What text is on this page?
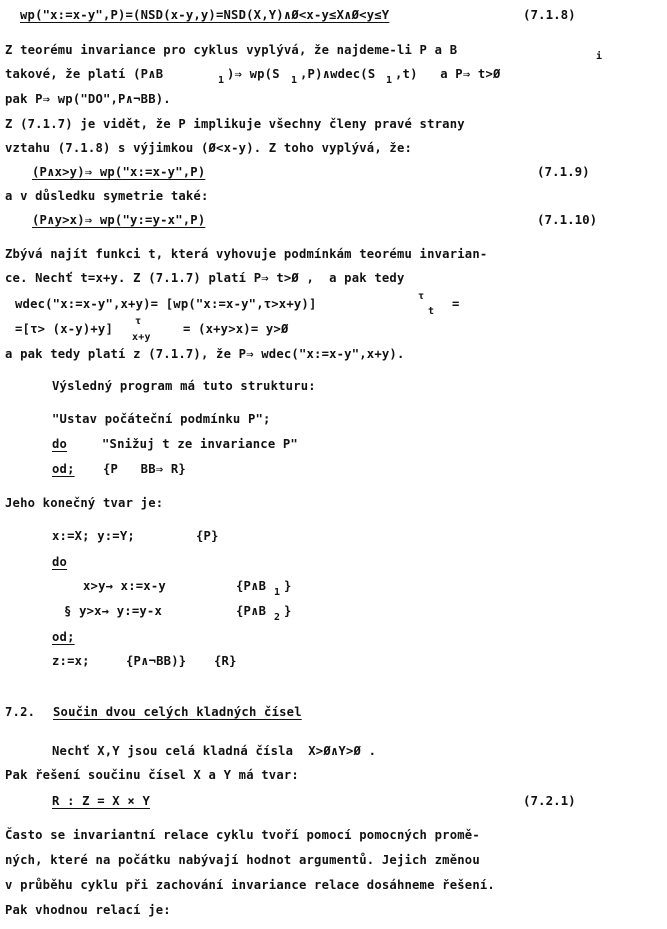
wp("x:=x-y",P)=(NSD(x-y,y)=NSD(X,Y)∧Ø<x-y≤X∧Ø<y≤Y	(7.1.8)
Z teorému invariance pro cyklus vyplývá, že najdeme-li P a B	i
takové, že platí (P∧B	1 )⇒ wp(S 1 ,P)∧wdec(S 1 ,t)   a P⇒ t>Ø
pak P⇒ wp("DO",P∧¬BB).
Z (7.1.7) je vidět, že P implikuje všechny členy pravé strany
vztahu (7.1.8) s výjimkou (Ø<x-y). Z toho vyplývá, že:
(P∧x>y)⇒ wp("x:=x-y",P)	(7.1.9)
a v důsledku symetrie také:
(P∧y>x)⇒ wp("y:=y-x",P)	(7.1.10)
Zbývá najít funkci t, která vyhovuje podmínkám teorému invarian-
ce. Nechť t=x+y. Z (7.1.7) platí P⇒ t>Ø ,  a pak tedy
wdec("x:=x-y",x+y)= [wp("x:=x-y",τ>x+y)]
τ
t
=
=[τ> (x-y)+y]
τ
x+y
= (x+y>x)= y>Ø
a pak tedy platí z (7.1.7), že P⇒ wdec("x:=x-y",x+y).
Výsledný program má tuto strukturu:
"Ustav počáteční podmínku P";
do	"Snižuj t ze invariance P"
od; {P   BB⇒ R}
Jeho konečný tvar je:
x:=X; y:=Y;	{P}
do
x>y→ x:=x-y	{P∧B 1 }
§ y>x→ y:=y-x	{P∧B 2 }
od;
z:=x;	{P∧¬BB)} {R}
7.2. Součin dvou celých kladných čísel
Nechť X,Y jsou celá kladná čísla  X>Ø∧Y>Ø .
Pak řešení součinu čísel X a Y má tvar:
R : Z = X × Y	(7.2.1)
Často se invariantní relace cyklu tvoří pomocí pomocných promě-
ných, které na počátku nabývají hodnot argumentů. Jejich změnou
v průběhu cyklu při zachování invariance relace dosáhneme řešení.
Pak vhodnou relací je:
